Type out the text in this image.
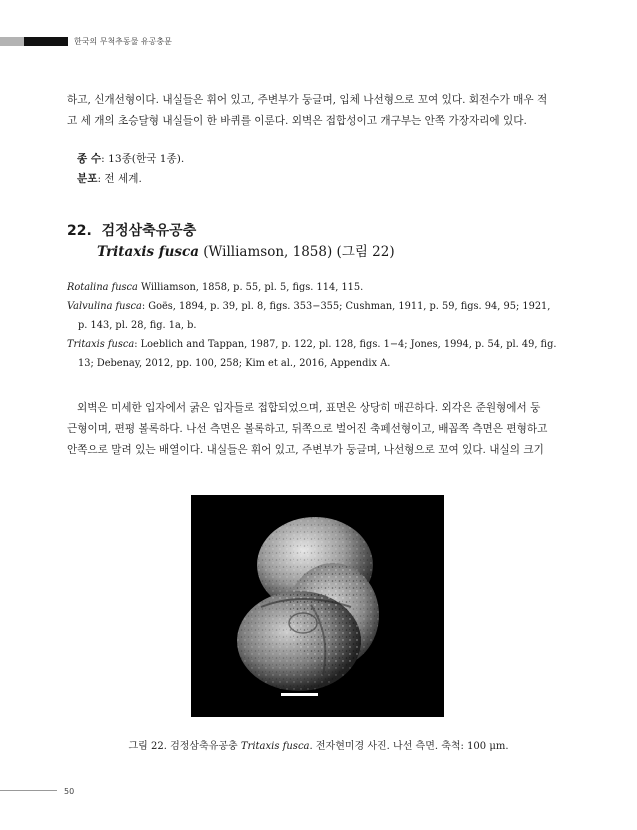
한국의 무척추동물 유공충문

하고, 신개선형이다. 내실들은 휘어 있고, 주변부가 둥글며, 입체 나선형으로 꼬여 있다. 회전수가 매우 적

고 세 개의 초승달형 내실들이 한 바퀴를 이룬다. 외벽은 접합성이고 개구부는 안쪽 가장자리에 있다.

종 수: 13종(한국 1종).
분포: 전 세계.
22. 검정삼축유공충
Tritaxis fusca (Williamson, 1858) (그림 22)

Rotalina fusca Williamson, 1858, p. 55, pl. 5, figs. 114, 115.

Valvulina fusca: Goës, 1894, p. 39, pl. 8, figs. 353−355; Cushman, 1911, p. 59, figs. 94, 95; 1921, p. 143, pl. 28, fig. 1a, b.

Tritaxis fusca: Loeblich and Tappan, 1987, p. 122, pl. 128, figs. 1−4; Jones, 1994, p. 54, pl. 49, fig. 13; Debenay, 2012, pp. 100, 258; Kim et al., 2016, Appendix A.

외벽은 미세한 입자에서 굵은 입자들로 접합되었으며, 표면은 상당히 매끈하다. 외각은 준원형에서 둥

근형이며, 편평 볼록하다. 나선 측면은 볼록하고, 뒤쪽으로 벌어진 축페선형이고, 배꼽쪽 측면은 편형하고

안쪽으로 말려 있는 배열이다. 내실들은 휘어 있고, 주변부가 둥글며, 나선형으로 꼬여 있다. 내실의 크기

그림 22. 검정삼축유공충 Tritaxis fusca. 전자현미경 사진. 나선 측면. 축척: 100 μm.
50
